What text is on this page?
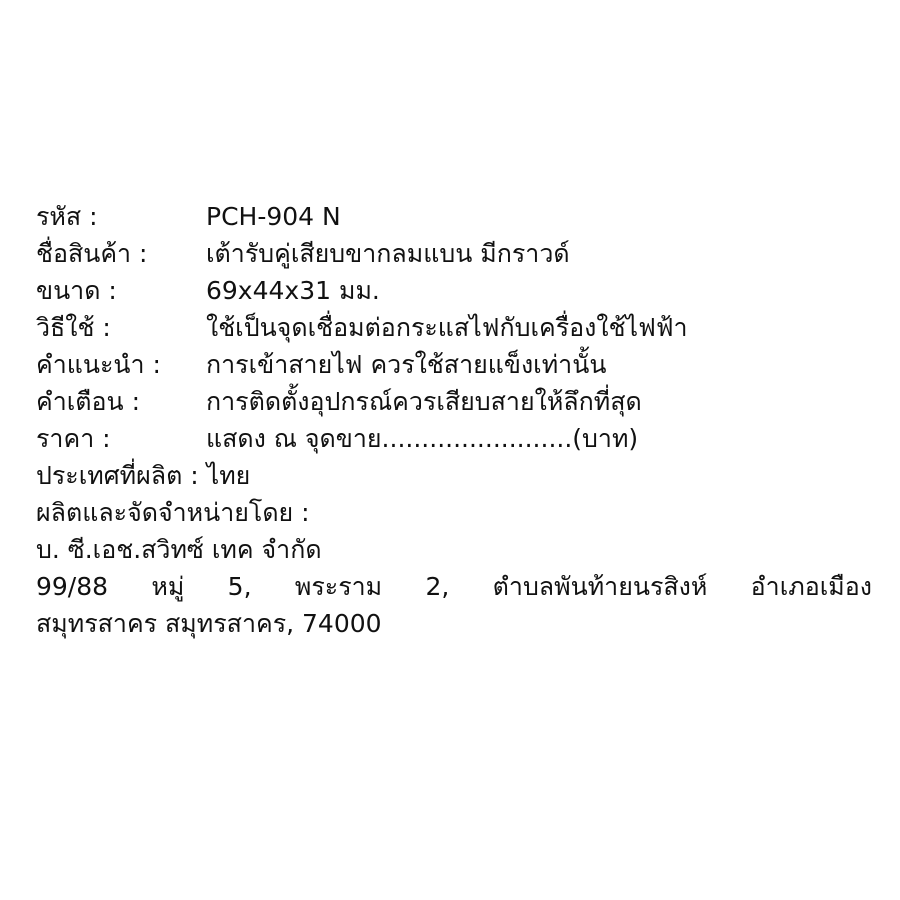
รหัส :	PCH-904 N
ชื่อสินค้า :	เต้ารับคู่เสียบขากลมแบน มีกราวด์
ขนาด :	69x44x31 มม.
วิธีใช้ :	ใช้เป็นจุดเชื่อมต่อกระแสไฟกับเครื่องใช้ไฟฟ้า
คำแนะนำ :	การเข้าสายไฟ ควรใช้สายแข็งเท่านั้น
คำเตือน :	การติดตั้งอุปกรณ์ควรเสียบสายให้ลึกที่สุด
ราคา :	แสดง ณ จุดขาย........................(บาท)
ประเทศที่ผลิต : ไทย
ผลิตและจัดจำหน่ายโดย :
บ. ซี.เอช.สวิทซ์ เทค จำกัด
99/88 หมู่ 5, พระราม 2, ตำบลพันท้ายนรสิงห์ อำเภอเมือง
สมุทรสาคร สมุทรสาคร, 74000
